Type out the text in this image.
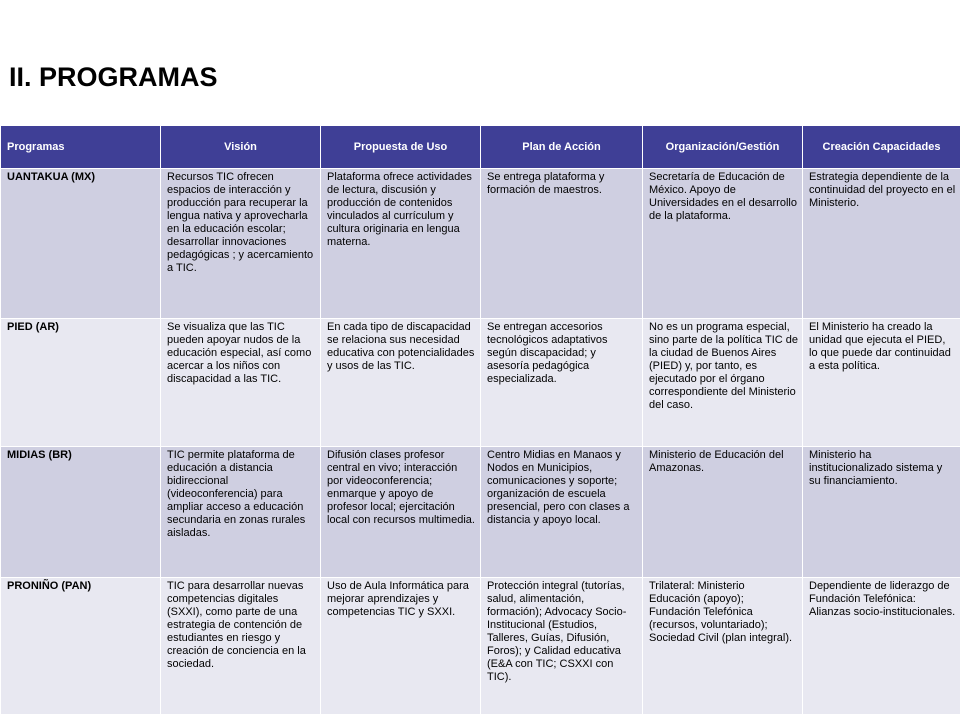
II. PROGRAMAS
Programas	Visión	Propuesta de Uso	Plan de Acción	Organización/Gestión	Creación Capacidades
UANTAKUA (MX)	Recursos TIC ofrecen espacios de interacción y producción para recuperar la lengua nativa y aprovecharla en la educación escolar; desarrollar innovaciones pedagógicas ; y acercamiento a TIC.	Plataforma ofrece actividades de lectura, discusión y producción de contenidos vinculados al currículum y cultura originaria en lengua materna.	Se entrega plataforma y formación de maestros.	Secretaría de Educación de México. Apoyo de Universidades en el desarrollo de la plataforma.	Estrategia dependiente de la continuidad del proyecto en el Ministerio.
PIED (AR)	Se visualiza que las TIC pueden apoyar nudos de la educación especial, así como acercar a los niños con discapacidad a las TIC.	En cada tipo de discapacidad se relaciona sus necesidad educativa con potencialidades y usos de las TIC.	Se entregan accesorios tecnológicos adaptativos según discapacidad; y asesoría pedagógica especializada.	No es un programa especial, sino parte de la política TIC de la ciudad de Buenos Aires (PIED) y, por tanto, es ejecutado por el órgano correspondiente del Ministerio del caso.	El Ministerio ha creado la unidad que ejecuta el PIED, lo que puede dar continuidad a esta política.
MIDIAS (BR)	TIC permite plataforma de educación a distancia bidireccional (videoconferencia) para ampliar acceso a educación secundaria en zonas rurales aisladas.	Difusión clases profesor central en vivo; interacción por videoconferencia; enmarque y apoyo de profesor local; ejercitación local con recursos multimedia.	Centro Midias en Manaos y Nodos en Municipios, comunicaciones y soporte; organización de escuela presencial, pero con clases a distancia y apoyo local.	Ministerio de Educación del Amazonas.	Ministerio ha institucionalizado sistema y su financiamiento.
PRONIÑO (PAN)	TIC para desarrollar nuevas competencias digitales (SXXI), como parte de una estrategia de contención de estudiantes en riesgo y creación de conciencia en la sociedad.	Uso de Aula Informática para mejorar aprendizajes y competencias TIC y SXXI.	Protección integral (tutorías, salud, alimentación, formación); Advocacy Socio-Institucional (Estudios, Talleres, Guías, Difusión, Foros); y Calidad educativa (E&A con TIC; CSXXI con TIC).	Trilateral: Ministerio Educación (apoyo); Fundación Telefónica (recursos, voluntariado); Sociedad Civil (plan integral).	Dependiente de liderazgo de Fundación Telefónica: Alianzas socio-institucionales.
